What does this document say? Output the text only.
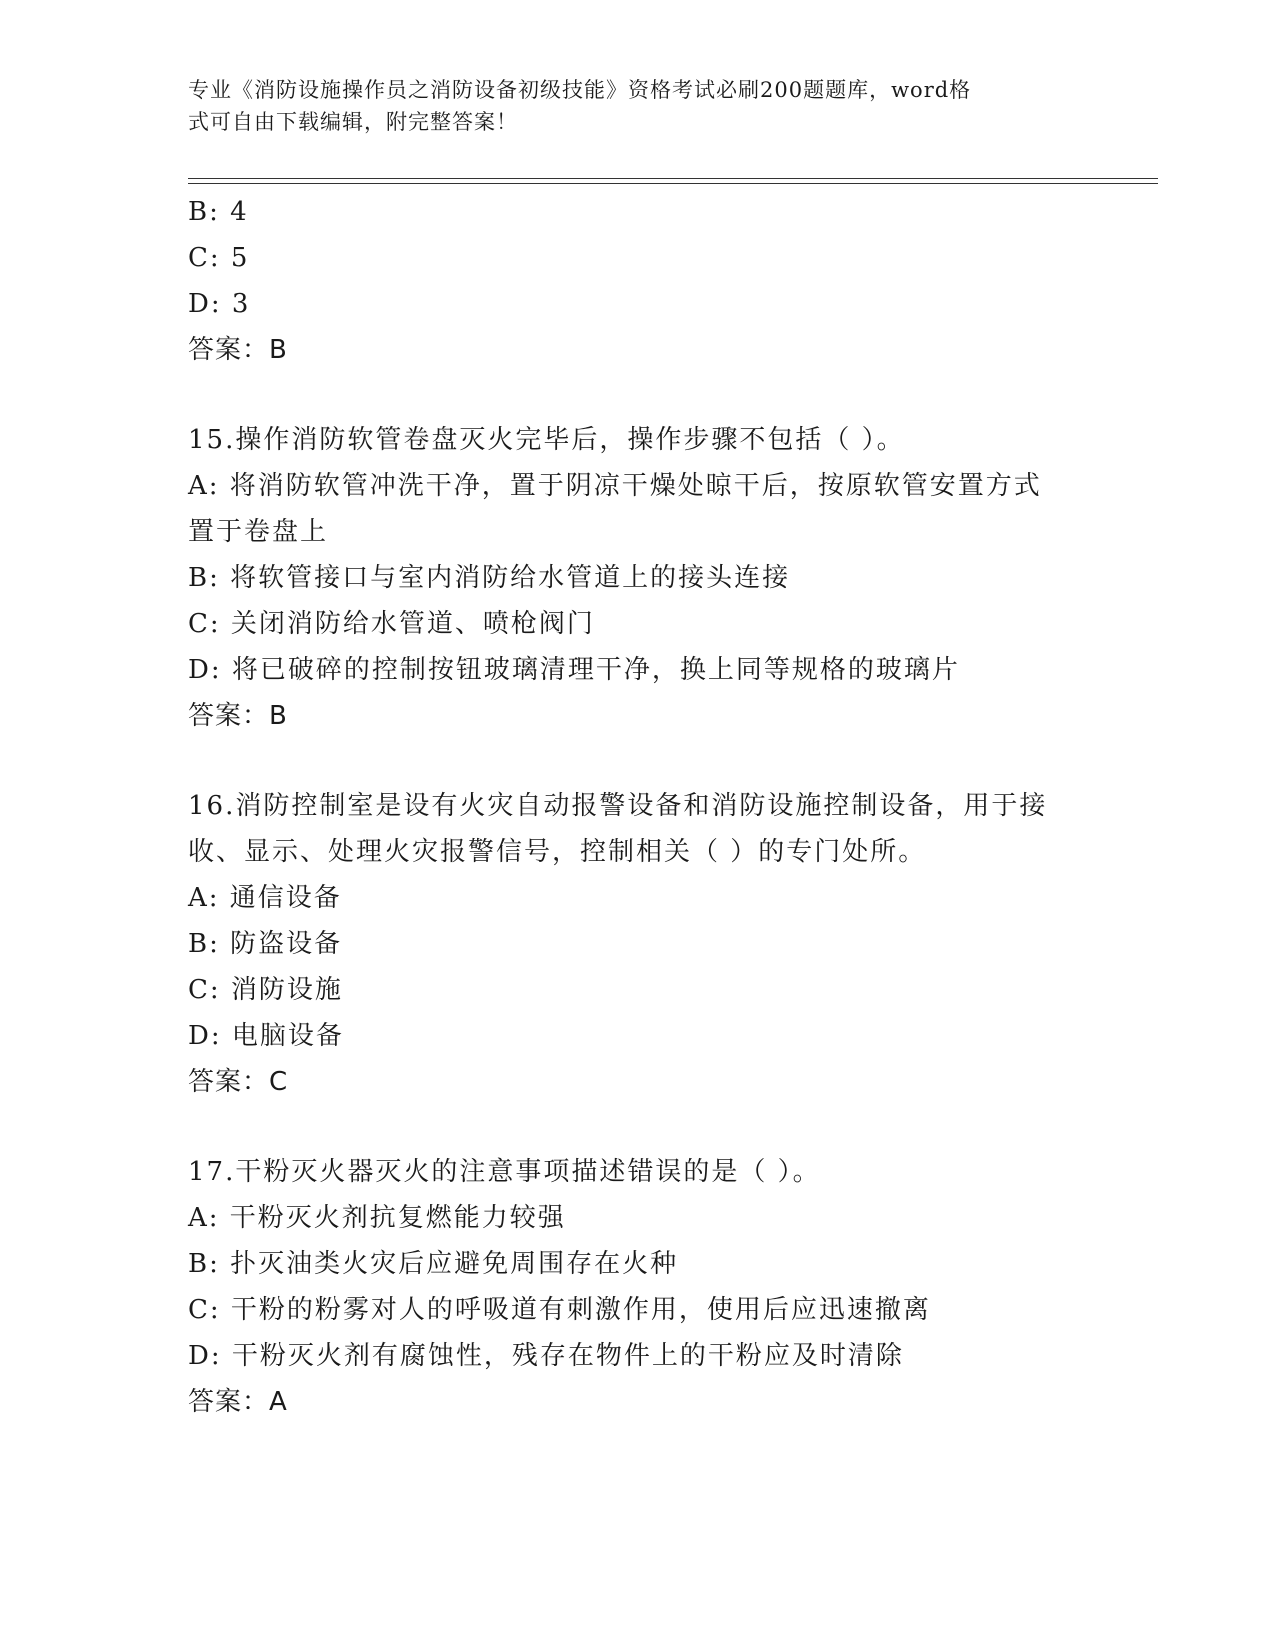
专业《消防设施操作员之消防设备初级技能》资格考试必刷200题题库，word格
式可自由下载编辑，附完整答案！
B: 4
C: 5
D: 3
答案：B
15.操作消防软管卷盘灭火完毕后，操作步骤不包括（ ）。
A: 将消防软管冲洗干净，置于阴凉干燥处晾干后，按原软管安置方式
置于卷盘上
B: 将软管接口与室内消防给水管道上的接头连接
C: 关闭消防给水管道、喷枪阀门
D: 将已破碎的控制按钮玻璃清理干净，换上同等规格的玻璃片
答案：B
16.消防控制室是设有火灾自动报警设备和消防设施控制设备，用于接
收、显示、处理火灾报警信号，控制相关（ ）的专门处所。
A: 通信设备
B: 防盗设备
C: 消防设施
D: 电脑设备
答案：C
17.干粉灭火器灭火的注意事项描述错误的是（ ）。
A: 干粉灭火剂抗复燃能力较强
B: 扑灭油类火灾后应避免周围存在火种
C: 干粉的粉雾对人的呼吸道有刺激作用，使用后应迅速撤离
D: 干粉灭火剂有腐蚀性，残存在物件上的干粉应及时清除
答案：A
